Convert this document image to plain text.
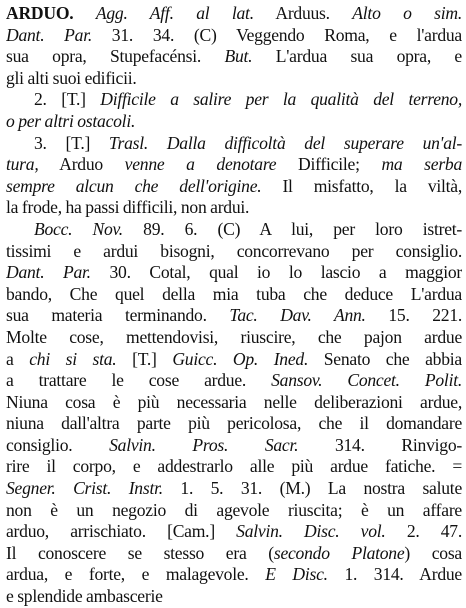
ARDUO. Agg. Aff. al lat. Arduus. Alto o sim.
Dant. Par. 31. 34. (C) Veggendo Roma, e l'ardua
sua opra, Stupefacénsi. But. L'ardua sua opra, e
gli alti suoi edificii.
2. [T.] Difficile a salire per la qualità del terreno,
o per altri ostacoli.
3. [T.] Trasl. Dalla difficoltà del superare un'al-
tura, Arduo venne a denotare Difficile; ma serba
sempre alcun che dell'origine. Il misfatto, la viltà,
la frode, ha passi difficili, non ardui.
Bocc. Nov. 89. 6. (C) A lui, per loro istret-
tissimi e ardui bisogni, concorrevano per consiglio.
Dant. Par. 30. Cotal, qual io lo lascio a maggior
bando, Che quel della mia tuba che deduce L'ardua
sua materia terminando. Tac. Dav. Ann. 15. 221.
Molte cose, mettendovisi, riuscire, che pajon ardue
a chi si sta. [T.] Guicc. Op. Ined. Senato che abbia
a trattare le cose ardue. Sansov. Concet. Polit.
Niuna cosa è più necessaria nelle deliberazioni ardue,
niuna dall'altra parte più pericolosa, che il domandare
consiglio. Salvin. Pros. Sacr. 314. Rinvigo-
rire il corpo, e addestrarlo alle più ardue fatiche. =
Segner. Crist. Instr. 1. 5. 31. (M.) La nostra salute
non è un negozio di agevole riuscita; è un affare
arduo, arrischiato. [Cam.] Salvin. Disc. vol. 2. 47.
Il conoscere se stesso era (secondo Platone) cosa
ardua, e forte, e malagevole. E Disc. 1. 314. Ardue
e splendide ambascerie
